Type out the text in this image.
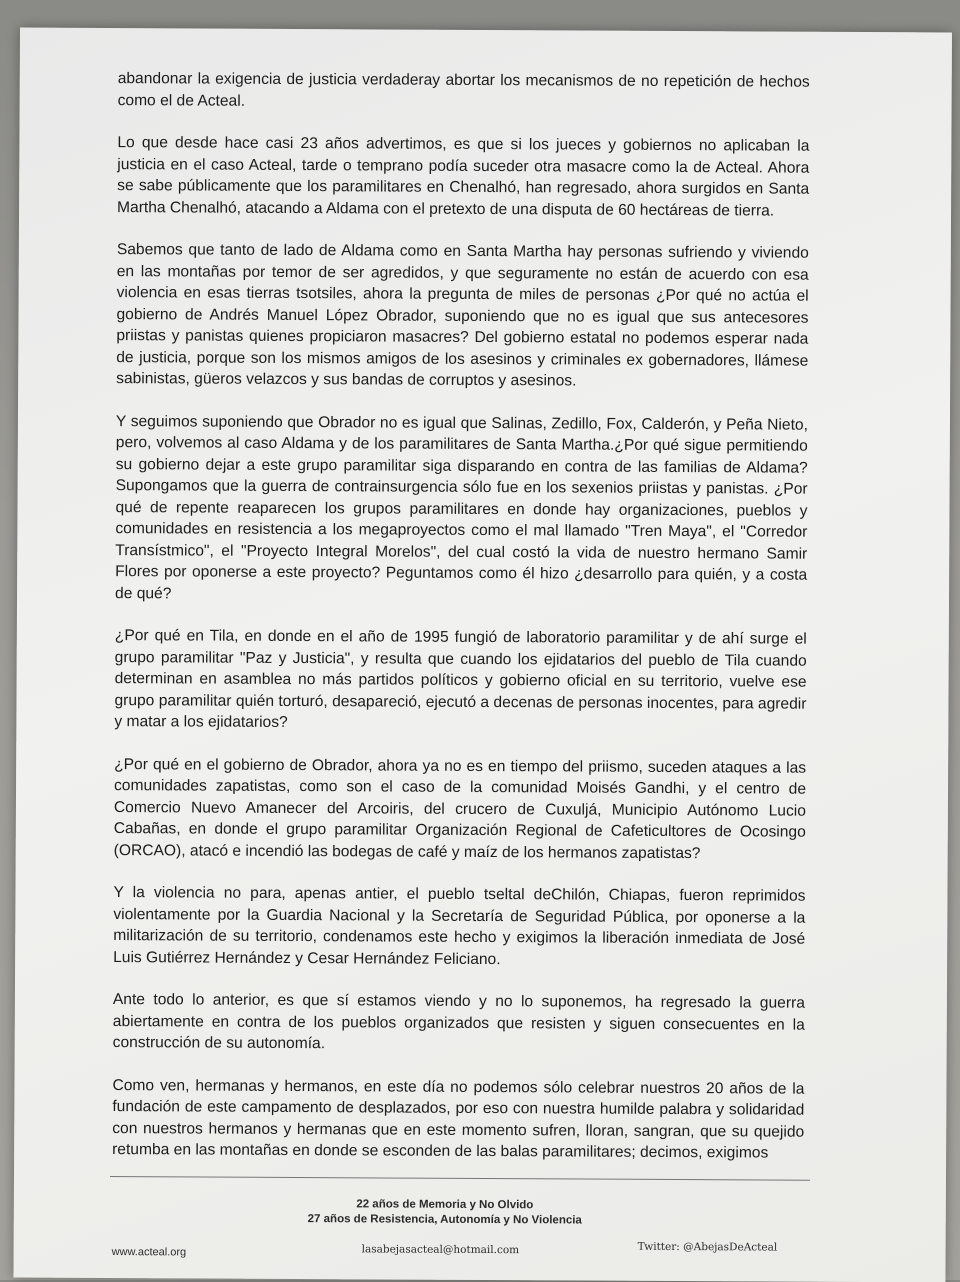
abandonar la exigencia de justicia verdaderay abortar los mecanismos de no repetición de hechos como el de Acteal.

Lo que desde hace casi 23 años advertimos, es que si los jueces y gobiernos no aplicaban la justicia en el caso Acteal, tarde o temprano podía suceder otra masacre como la de Acteal. Ahora se sabe públicamente que los paramilitares en Chenalhó, han regresado, ahora surgidos en Santa Martha Chenalhó, atacando a Aldama con el pretexto de una disputa de 60 hectáreas de tierra.

Sabemos que tanto de lado de Aldama como en Santa Martha hay personas sufriendo y viviendo en las montañas por temor de ser agredidos, y que seguramente no están de acuerdo con esa violencia en esas tierras tsotsiles, ahora la pregunta de miles de personas ¿Por qué no actúa el gobierno de Andrés Manuel López Obrador, suponiendo que no es igual que sus antecesores priistas y panistas quienes propiciaron masacres? Del gobierno estatal no podemos esperar nada de justicia, porque son los mismos amigos de los asesinos y criminales ex gobernadores, llámese sabinistas, güeros velazcos y sus bandas de corruptos y asesinos.

Y seguimos suponiendo que Obrador no es igual que Salinas, Zedillo, Fox, Calderón, y Peña Nieto, pero, volvemos al caso Aldama y de los paramilitares de Santa Martha.¿Por qué sigue permitiendo su gobierno dejar a este grupo paramilitar siga disparando en contra de las familias de Aldama? Supongamos que la guerra de contrainsurgencia sólo fue en los sexenios priistas y panistas. ¿Por qué de repente reaparecen los grupos paramilitares en donde hay organizaciones, pueblos y comunidades en resistencia a los megaproyectos como el mal llamado "Tren Maya", el "Corredor Transístmico", el "Proyecto Integral Morelos", del cual costó la vida de nuestro hermano Samir Flores por oponerse a este proyecto? Peguntamos como él hizo ¿desarrollo para quién, y a costa de qué?

¿Por qué en Tila, en donde en el año de 1995 fungió de laboratorio paramilitar y de ahí surge el grupo paramilitar "Paz y Justicia", y resulta que cuando los ejidatarios del pueblo de Tila cuando determinan en asamblea no más partidos políticos y gobierno oficial en su territorio, vuelve ese grupo paramilitar quién torturó, desapareció, ejecutó a decenas de personas inocentes, para agredir y matar a los ejidatarios?

¿Por qué en el gobierno de Obrador, ahora ya no es en tiempo del priismo, suceden ataques a las comunidades zapatistas, como son el caso de la comunidad Moisés Gandhi, y el centro de Comercio Nuevo Amanecer del Arcoiris, del crucero de Cuxuljá, Municipio Autónomo Lucio Cabañas, en donde el grupo paramilitar Organización Regional de Cafeticultores de Ocosingo (ORCAO), atacó e incendió las bodegas de café y maíz de los hermanos zapatistas?

Y la violencia no para, apenas antier, el pueblo tseltal deChilón, Chiapas, fueron reprimidos violentamente por la Guardia Nacional y la Secretaría de Seguridad Pública, por oponerse a la militarización de su territorio, condenamos este hecho y exigimos la liberación inmediata de José Luis Gutiérrez Hernández y Cesar Hernández Feliciano.

Ante todo lo anterior, es que sí estamos viendo y no lo suponemos, ha regresado la guerra abiertamente en contra de los pueblos organizados que resisten y siguen consecuentes en la construcción de su autonomía.

Como ven, hermanas y hermanos, en este día no podemos sólo celebrar nuestros 20 años de la fundación de este campamento de desplazados, por eso con nuestra humilde palabra y solidaridad con nuestros hermanos y hermanas que en este momento sufren, lloran, sangran, que su quejido retumba en las montañas en donde se esconden de las balas paramilitares; decimos, exigimos

22 años de Memoria y No Olvido
27 años de Resistencia, Autonomía y No Violencia
www.acteal.org	lasabejasacteal@hotmail.com	Twitter: @AbejasDeActeal
